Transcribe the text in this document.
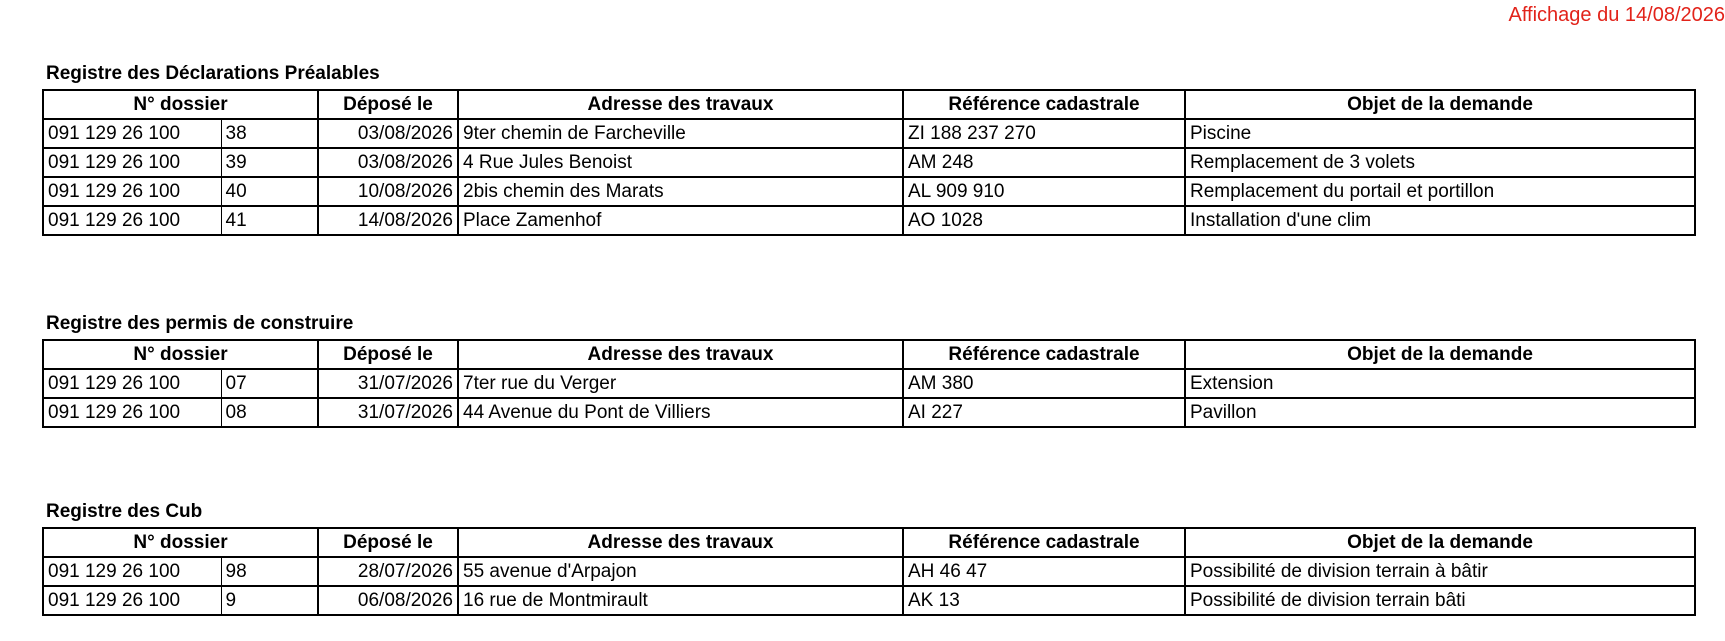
Affichage du 14/08/2026
Registre des Déclarations Préalables
N° dossier		Déposé le	Adresse des travaux	Référence cadastrale	Objet de la demande
091 129 26 100	38	03/08/2026	9ter chemin de Farcheville	ZI 188 237 270	Piscine
091 129 26 100	39	03/08/2026	4 Rue Jules Benoist	AM 248	Remplacement de 3 volets
091 129 26 100	40	10/08/2026	2bis chemin des Marats	AL 909 910	Remplacement du portail et portillon
091 129 26 100	41	14/08/2026	Place Zamenhof	AO 1028	Installation d'une clim
Registre des permis de construire
N° dossier		Déposé le	Adresse des travaux	Référence cadastrale	Objet de la demande
091 129 26 100	07	31/07/2026	7ter rue du Verger	AM 380	Extension
091 129 26 100	08	31/07/2026	44 Avenue du Pont de Villiers	AI 227	Pavillon
Registre des Cub
N° dossier		Déposé le	Adresse des travaux	Référence cadastrale	Objet de la demande
091 129 26 100	98	28/07/2026	55 avenue d'Arpajon	AH 46 47	Possibilité de division terrain à bâtir
091 129 26 100	9	06/08/2026	16 rue de Montmirault	AK 13	Possibilité de division terrain bâti
